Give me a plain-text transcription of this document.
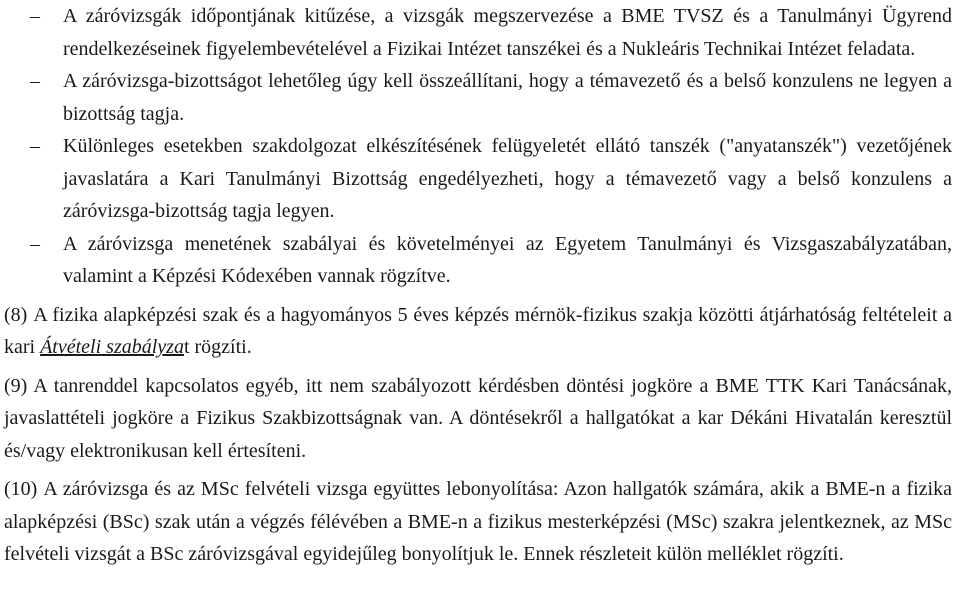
– A záróvizsgák időpontjának kitűzése, a vizsgák megszervezése a BME TVSZ és a Tanulmányi Ügyrend rendelkezéseinek figyelembevételével a Fizikai Intézet tanszékei és a Nukleáris Technikai Intézet feladata.
– A záróvizsga-bizottságot lehetőleg úgy kell összeállítani, hogy a témavezető és a belső konzulens ne legyen a bizottság tagja.
– Különleges esetekben szakdolgozat elkészítésének felügyeletét ellátó tanszék ("anyatanszék") vezetőjének javaslatára a Kari Tanulmányi Bizottság engedélyezheti, hogy a témavezető vagy a belső konzulens a záróvizsga-bizottság tagja legyen.
– A záróvizsga menetének szabályai és követelményei az Egyetem Tanulmányi és Vizsgaszabályzatában, valamint a Képzési Kódexében vannak rögzítve.
(8) A fizika alapképzési szak és a hagyományos 5 éves képzés mérnök-fizikus szakja közötti átjárhatóság feltételeit a kari Átvételi szabályzat rögzíti.
(9) A tanrenddel kapcsolatos egyéb, itt nem szabályozott kérdésben döntési jogköre a BME TTK Kari Tanácsának, javaslattételi jogköre a Fizikus Szakbizottságnak van. A döntésekről a hallgatókat a kar Dékáni Hivatalán keresztül és/vagy elektronikusan kell értesíteni.
(10) A záróvizsga és az MSc felvételi vizsga együttes lebonyolítása: Azon hallgatók számára, akik a BME-n a fizika alapképzési (BSc) szak után a végzés félévében a BME-n a fizikus mesterképzési (MSc) szakra jelentkeznek, az MSc felvételi vizsgát a BSc záróvizsgával egyidejűleg bonyolítjuk le. Ennek részleteit külön melléklet rögzíti.
